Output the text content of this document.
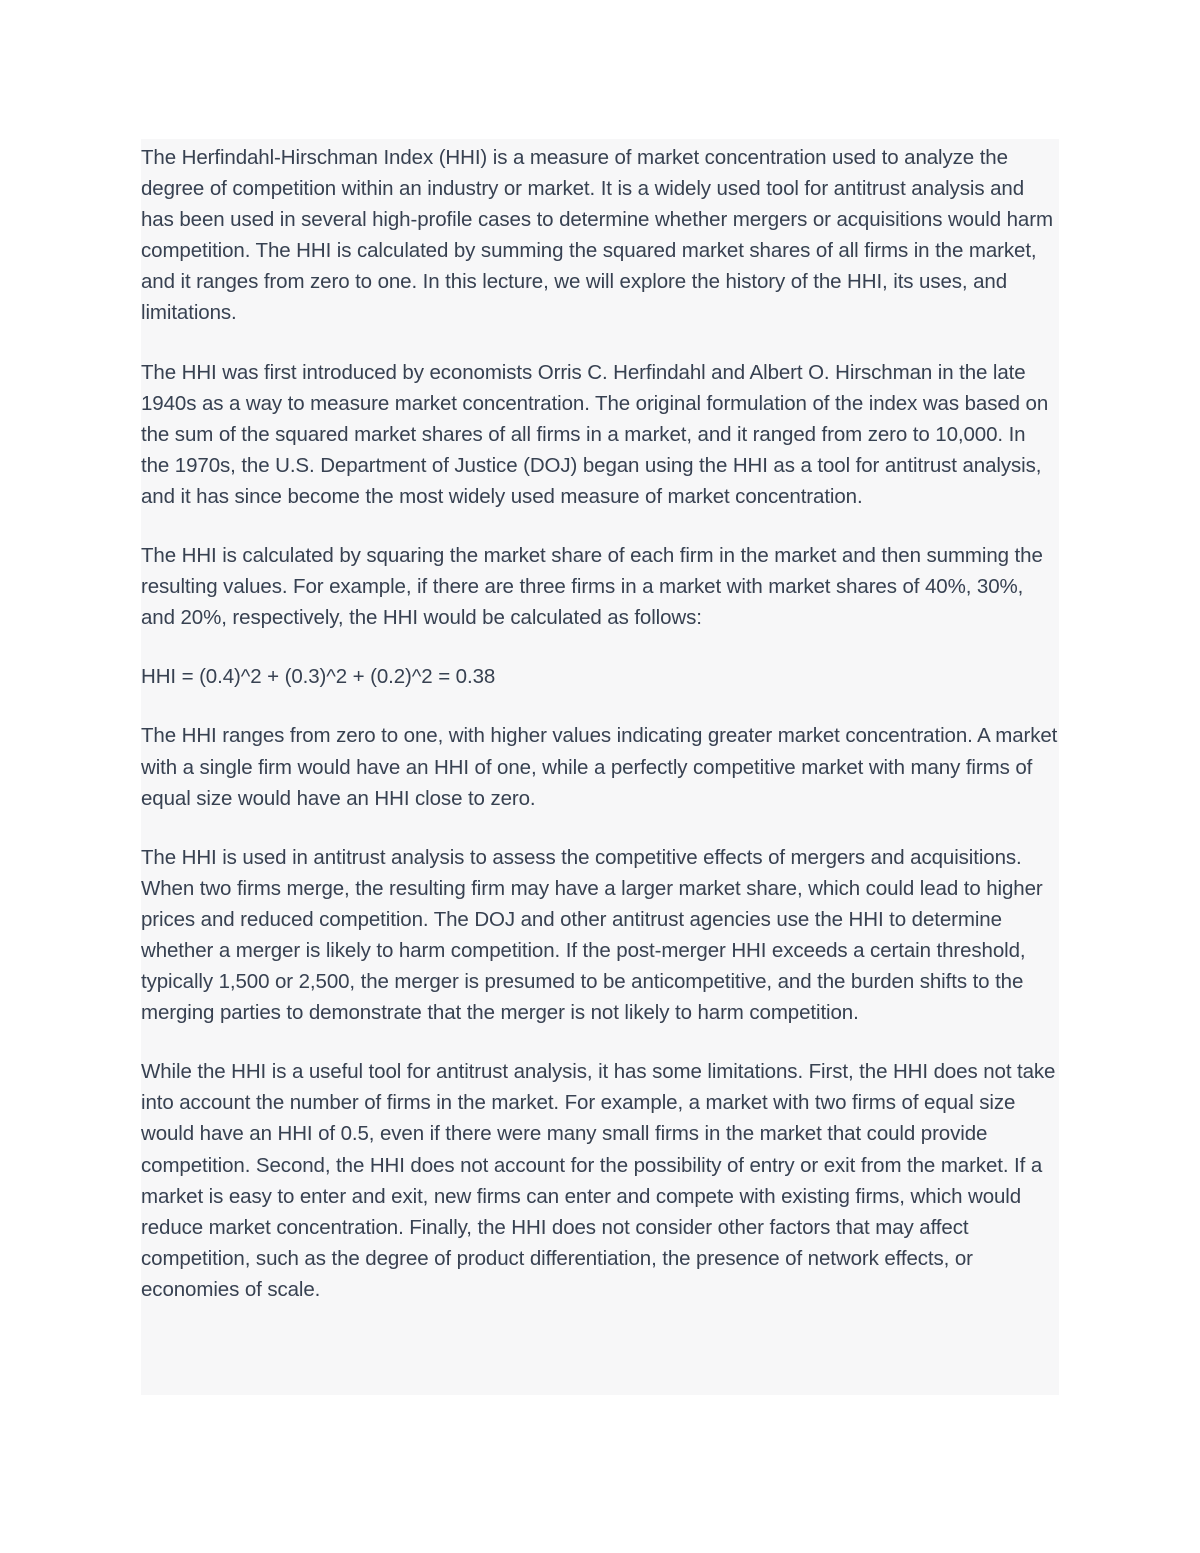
The Herfindahl-Hirschman Index (HHI) is a measure of market concentration used to analyze the degree of competition within an industry or market. It is a widely used tool for antitrust analysis and has been used in several high-profile cases to determine whether mergers or acquisitions would harm competition. The HHI is calculated by summing the squared market shares of all firms in the market, and it ranges from zero to one. In this lecture, we will explore the history of the HHI, its uses, and limitations.

The HHI was first introduced by economists Orris C. Herfindahl and Albert O. Hirschman in the late 1940s as a way to measure market concentration. The original formulation of the index was based on the sum of the squared market shares of all firms in a market, and it ranged from zero to 10,000. In the 1970s, the U.S. Department of Justice (DOJ) began using the HHI as a tool for antitrust analysis, and it has since become the most widely used measure of market concentration.

The HHI is calculated by squaring the market share of each firm in the market and then summing the resulting values. For example, if there are three firms in a market with market shares of 40%, 30%, and 20%, respectively, the HHI would be calculated as follows:

HHI = (0.4)^2 + (0.3)^2 + (0.2)^2 = 0.38

The HHI ranges from zero to one, with higher values indicating greater market concentration. A market with a single firm would have an HHI of one, while a perfectly competitive market with many firms of equal size would have an HHI close to zero.

The HHI is used in antitrust analysis to assess the competitive effects of mergers and acquisitions. When two firms merge, the resulting firm may have a larger market share, which could lead to higher prices and reduced competition. The DOJ and other antitrust agencies use the HHI to determine whether a merger is likely to harm competition. If the post-merger HHI exceeds a certain threshold, typically 1,500 or 2,500, the merger is presumed to be anticompetitive, and the burden shifts to the merging parties to demonstrate that the merger is not likely to harm competition.

While the HHI is a useful tool for antitrust analysis, it has some limitations. First, the HHI does not take into account the number of firms in the market. For example, a market with two firms of equal size would have an HHI of 0.5, even if there were many small firms in the market that could provide competition. Second, the HHI does not account for the possibility of entry or exit from the market. If a market is easy to enter and exit, new firms can enter and compete with existing firms, which would reduce market concentration. Finally, the HHI does not consider other factors that may affect competition, such as the degree of product differentiation, the presence of network effects, or economies of scale.
